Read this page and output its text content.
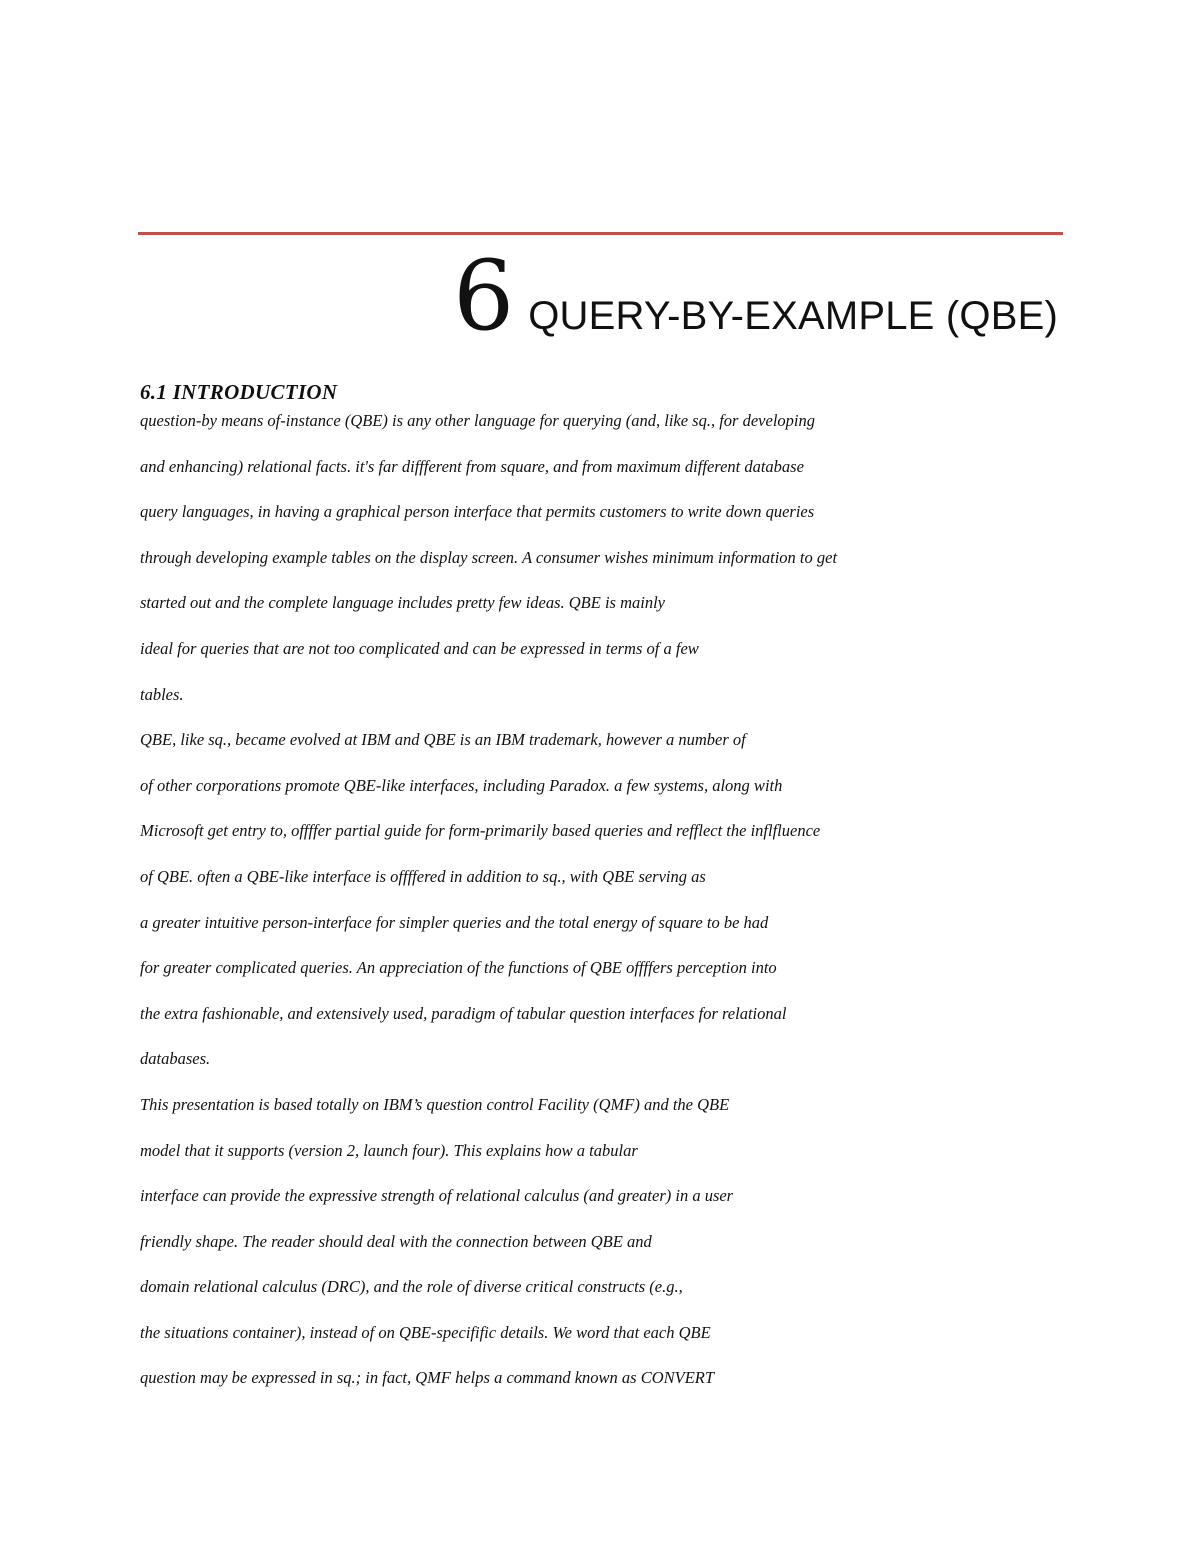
6 QUERY-BY-EXAMPLE (QBE)
6.1 INTRODUCTION
question-by means of-instance (QBE) is any other language for querying (and, like sq., for developing
and enhancing) relational facts. it's far diffferent from square, and from maximum different database
query languages, in having a graphical person interface that permits customers to write down queries
through developing example tables on the display screen. A consumer wishes minimum information to get
started out and the complete language includes pretty few ideas. QBE is mainly
ideal for queries that are not too complicated and can be expressed in terms of a few
tables.
QBE, like sq., became evolved at IBM and QBE is an IBM trademark, however a number of
of other corporations promote QBE-like interfaces, including Paradox. a few systems, along with
Microsoft get entry to, offffer partial guide for form-primarily based queries and refflect the inflfluence
of QBE. often a QBE-like interface is offffered in addition to sq., with QBE serving as
a greater intuitive person-interface for simpler queries and the total energy of square to be had
for greater complicated queries. An appreciation of the functions of QBE offffers perception into
the extra fashionable, and extensively used, paradigm of tabular question interfaces for relational
databases.
This presentation is based totally on IBM’s question control Facility (QMF) and the QBE
model that it supports (version 2, launch four). This explains how a tabular
interface can provide the expressive strength of relational calculus (and greater) in a user
friendly shape. The reader should deal with the connection between QBE and
domain relational calculus (DRC), and the role of diverse critical constructs (e.g.,
the situations container), instead of on QBE-specifific details. We word that each QBE
question may be expressed in sq.; in fact, QMF helps a command known as CONVERT
